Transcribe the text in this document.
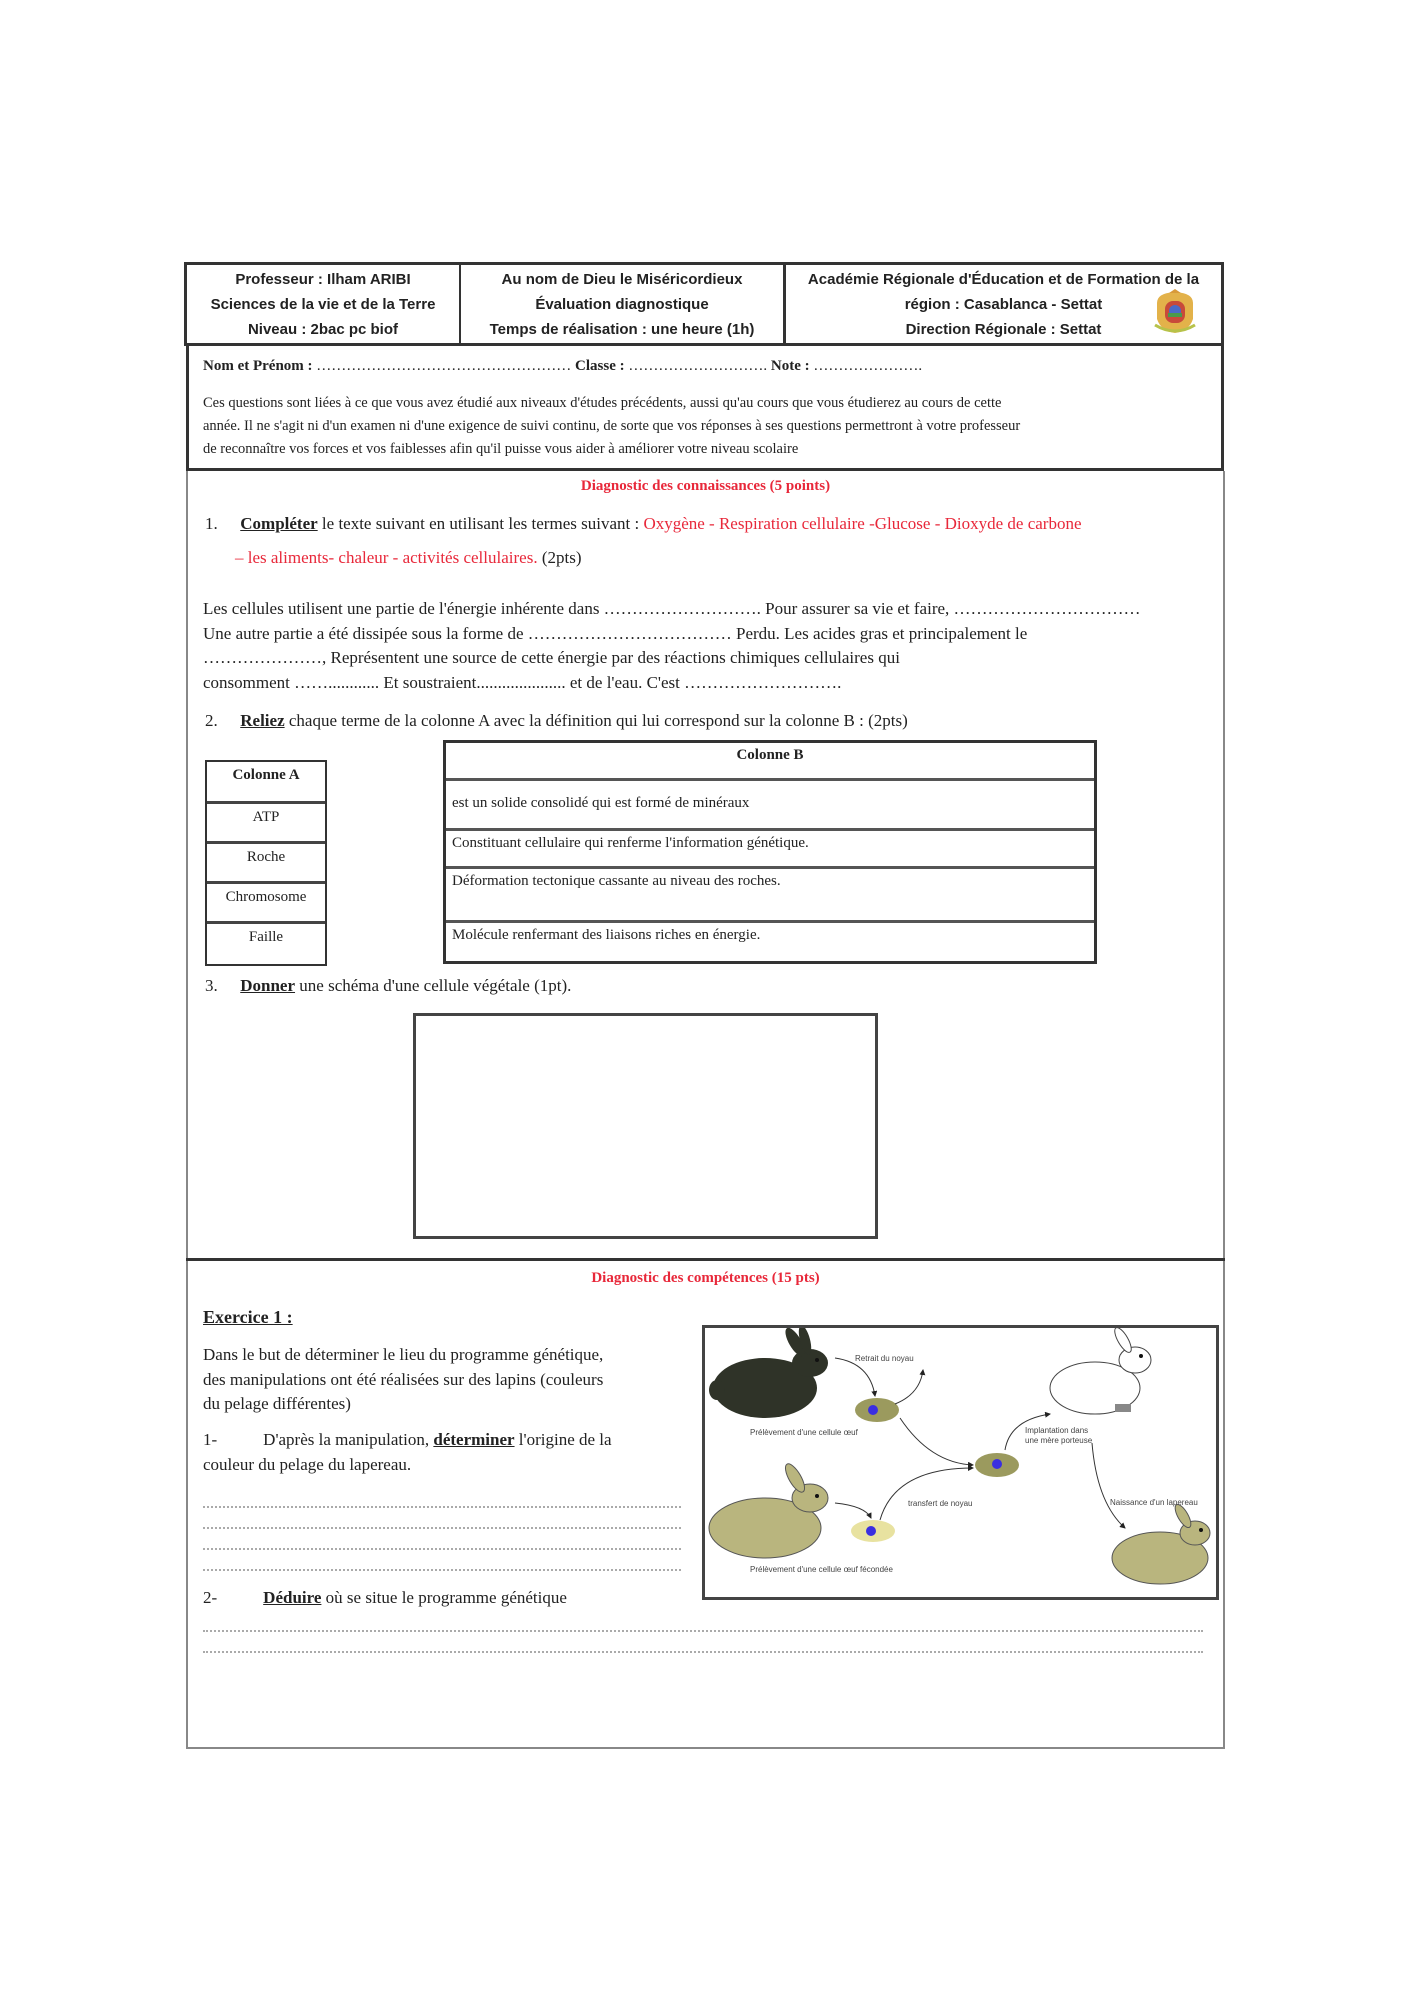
Professeur : Ilham ARIBI
Sciences de la vie et de la Terre
Niveau : 2bac pc biof
Au nom de Dieu le Miséricordieux
Évaluation diagnostique
Temps de réalisation : une heure (1h)
Académie Régionale d'Éducation et de Formation de la
région : Casablanca - Settat
Direction Régionale : Settat
Nom et Prénom : …………………………………………… Classe : ………………………. Note : ………………….
Ces questions sont liées à ce que vous avez étudié aux niveaux d'études précédents, aussi qu'au cours que vous étudierez au cours de cette
année. Il ne s'agit ni d'un examen ni d'une exigence de suivi continu, de sorte que vos réponses à ses questions permettront à votre professeur
de reconnaître vos forces et vos faiblesses afin qu'il puisse vous aider à améliorer votre niveau scolaire
Diagnostic des connaissances (5 points)
1. Compléter le texte suivant en utilisant les termes suivant : Oxygène - Respiration cellulaire -Glucose - Dioxyde de carbone
– les aliments- chaleur - activités cellulaires. (2pts)
Les cellules utilisent une partie de l'énergie inhérente dans ………………………. Pour assurer sa vie et faire, ……………………………
Une autre partie a été dissipée sous la forme de ……………………………… Perdu. Les acides gras et principalement le
…………………, Représentent une source de cette énergie par des réactions chimiques cellulaires qui
consomment ……............ Et soustraient..................... et de l'eau. C'est ……………………….
2. Reliez chaque terme de la colonne A avec la définition qui lui correspond sur la colonne B : (2pts)
Colonne A
ATP
Roche
Chromosome
Faille
Colonne B
est un solide consolidé qui est formé de minéraux
Constituant cellulaire qui renferme l'information génétique.
Déformation tectonique cassante au niveau des roches.
Molécule renfermant des liaisons riches en énergie.
3. Donner une schéma d'une cellule végétale (1pt).
Diagnostic des compétences (15 pts)
Exercice 1 :
Dans le but de déterminer le lieu du programme génétique,
des manipulations ont été réalisées sur des lapins (couleurs
du pelage différentes)
1-	D'après la manipulation, déterminer l'origine de la
couleur du pelage du lapereau.
2-	Déduire où se situe le programme génétique
Retrait du noyau
Prélèvement d'une cellule œuf	Implantation dans
une mère porteuse
transfert de noyau
Prélèvement d'une cellule œuf fécondée
Naissance d'un lapereau
